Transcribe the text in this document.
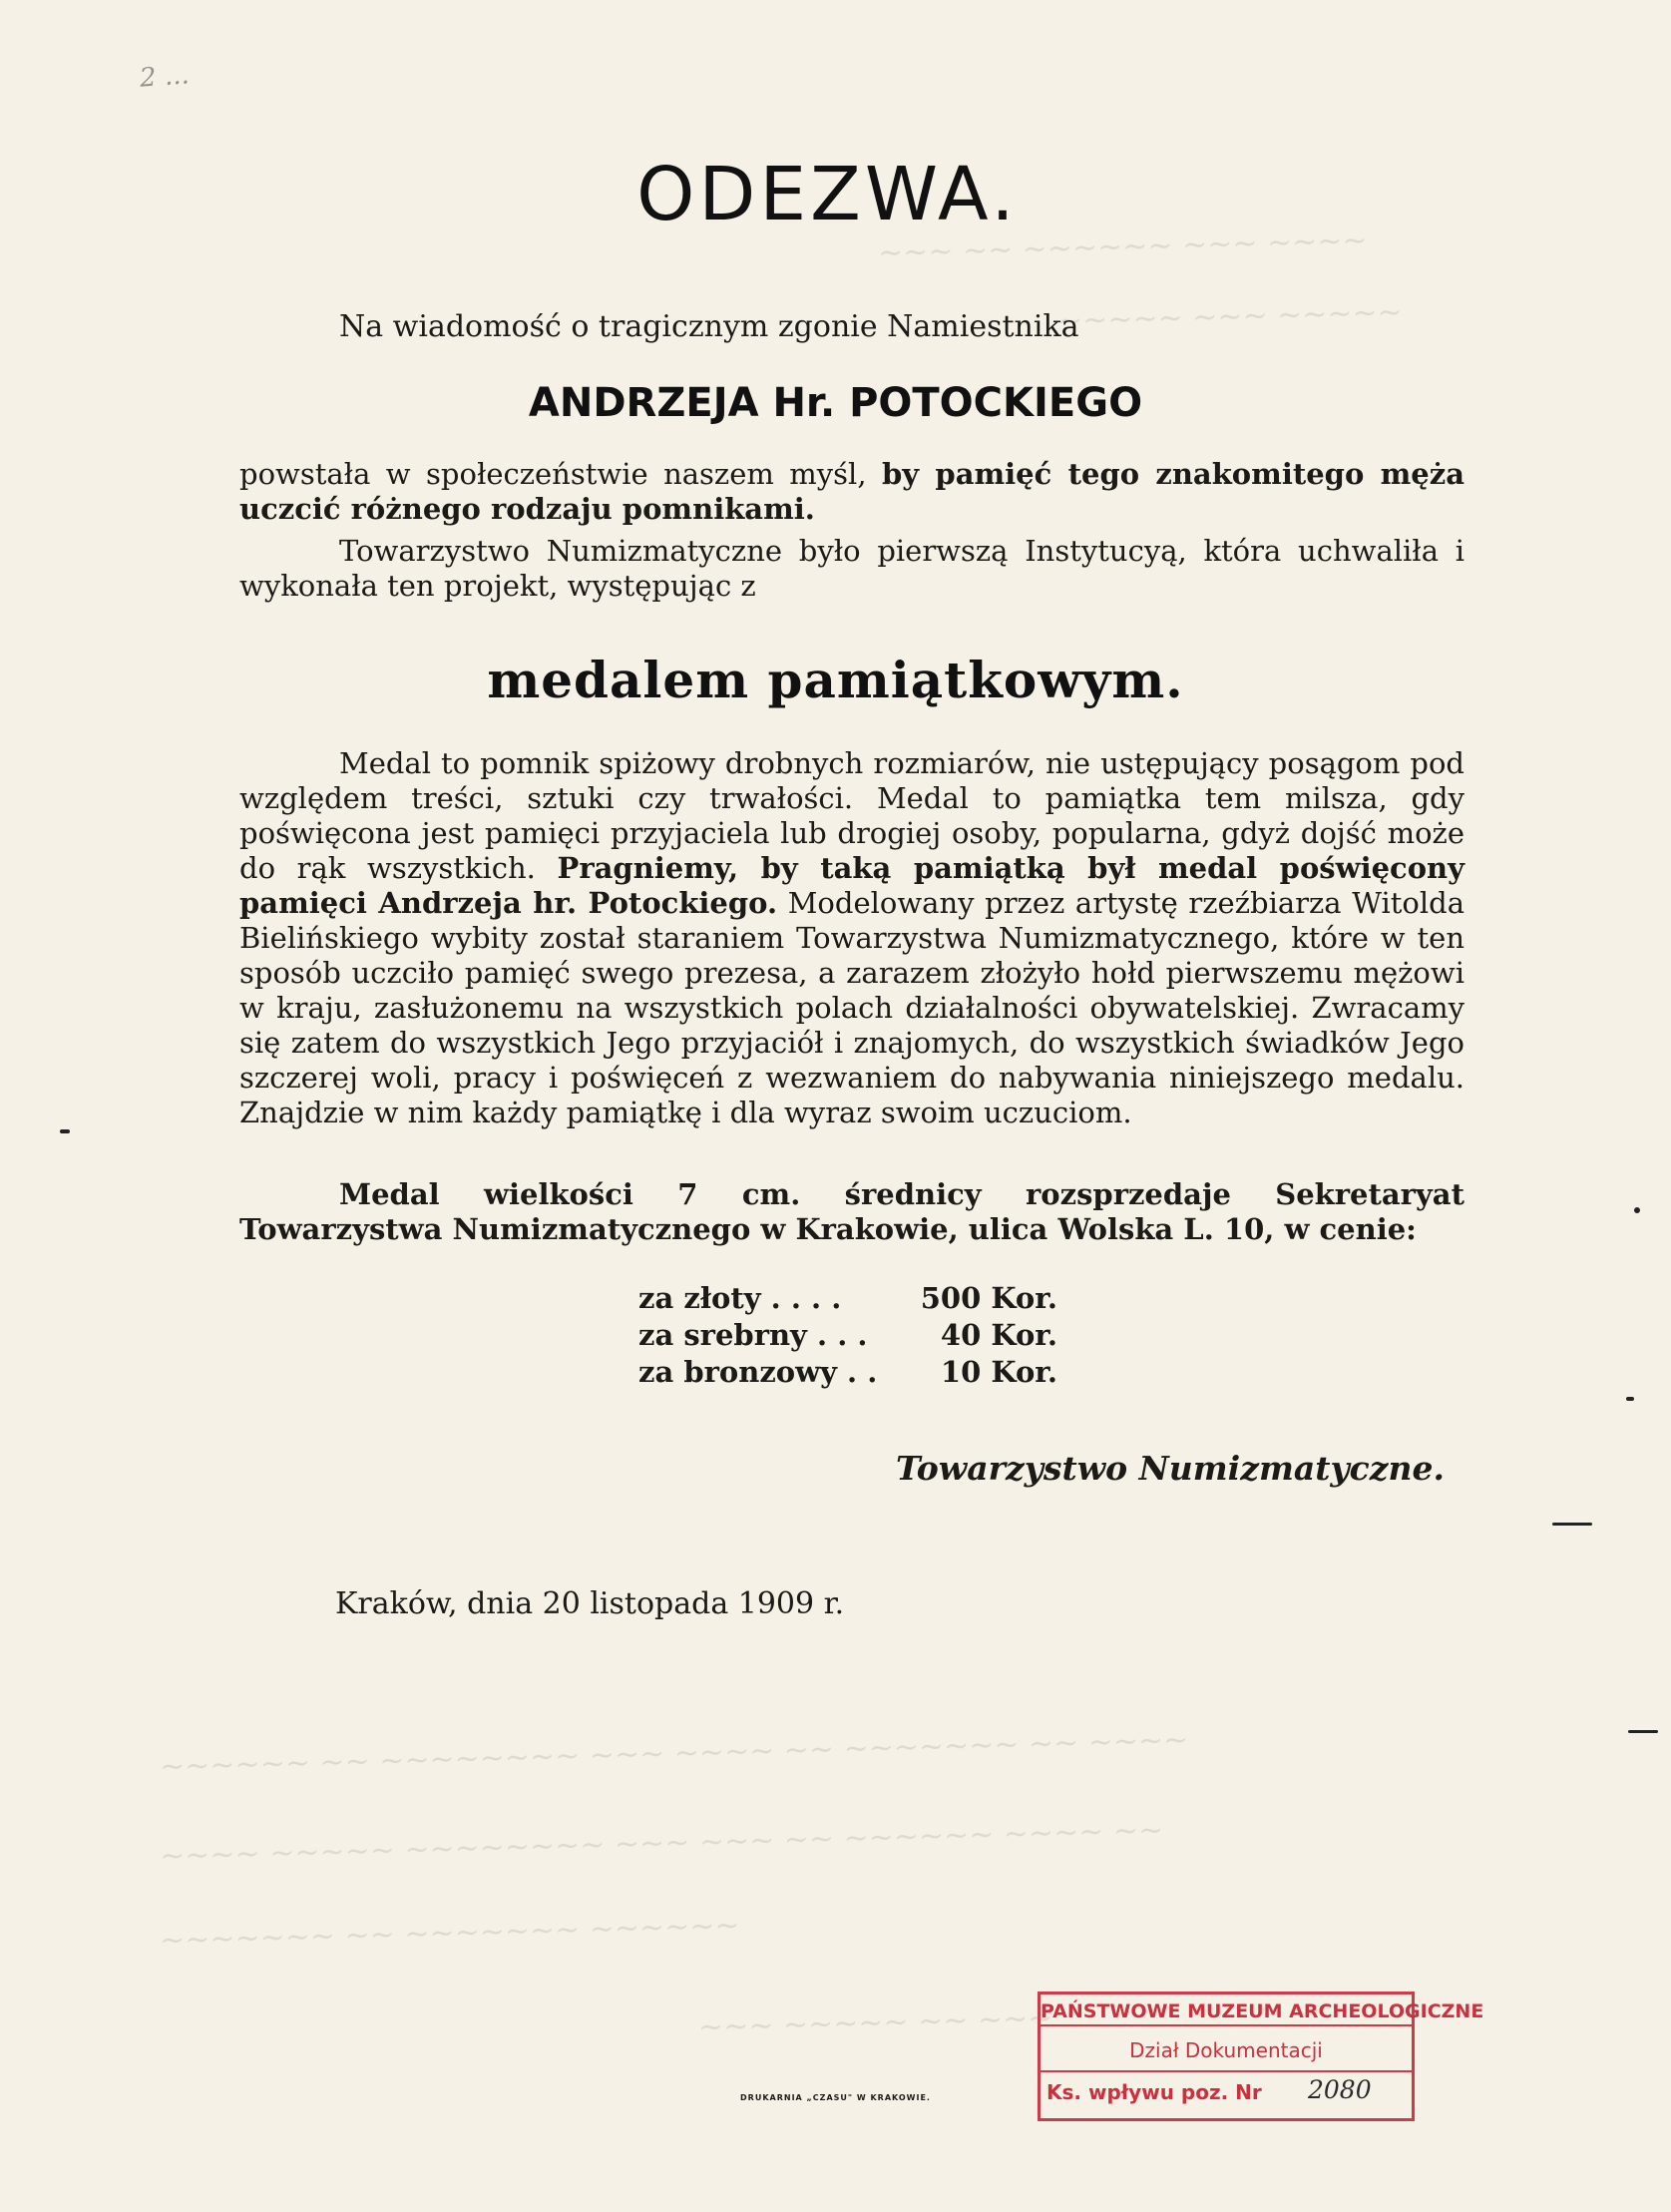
~~~ ~~ ~~~~~~ ~~~ ~~~~
~~~~~ ~~~ ~~~~~
~~~~~~ ~~ ~~~~~~~~ ~~~ ~~~~ ~~ ~~~~~~~ ~~ ~~~~
~~~~ ~~~~~ ~~~~~~~~ ~~~ ~~~ ~~ ~~~~~~ ~~~~ ~~
~~~~~~~ ~~ ~~~~~~~ ~~~~~~
~~~ ~~~~~ ~~ ~~~
2 ...
ODEZWA.
Na wiadomość o tragicznym zgonie Namiestnika
ANDRZEJA Hr. POTOCKIEGO
powstała w społeczeństwie naszem myśl, by pamięć tego znakomitego męża uczcić różnego rodzaju pomnikami.
Towarzystwo Numizmatyczne było pierwszą Instytucyą, która uchwaliła i wykonała ten projekt, występując z
medalem pamiątkowym.
Medal to pomnik spiżowy drobnych rozmiarów, nie ustępujący posągom pod względem treści, sztuki czy trwałości. Medal to pamiątka tem milsza, gdy poświęcona jest pamięci przyjaciela lub drogiej osoby, popularna, gdyż dojść może do rąk wszystkich. Pragniemy, by taką pamiątką był medal poświęcony pamięci Andrzeja hr. Potockiego. Modelowany przez artystę rzeźbiarza Witolda Bielińskiego wybity został staraniem Towarzystwa Numizmatycznego, które w ten sposób uczciło pamięć swego prezesa, a zarazem złożyło hołd pierwszemu mężowi w kraju, zasłużonemu na wszystkich polach działalności obywatelskiej. Zwracamy się zatem do wszystkich Jego przyjaciół i znajomych, do wszystkich świadków Jego szczerej woli, pracy i poświęceń z wezwaniem do nabywania niniejszego medalu. Znajdzie w nim każdy pamiątkę i dla wyraz swoim uczuciom.
Medal wielkości 7 cm. średnicy rozsprzedaje Sekretaryat Towarzystwa Numizmatycznego w Krakowie, ulica Wolska L. 10, w cenie:
za złoty . . . .	500 Kor.
za srebrny . . .	40 Kor.
za bronzowy . .	10 Kor.
Towarzystwo Numizmatyczne.
Kraków, dnia 20 listopada 1909 r.
PAŃSTWOWE MUZEUM ARCHEOLOGICZNE
Dział Dokumentacji
Ks. wpływu poz. Nr 2080
DRUKARNIA „CZASU" W KRAKOWIE.
